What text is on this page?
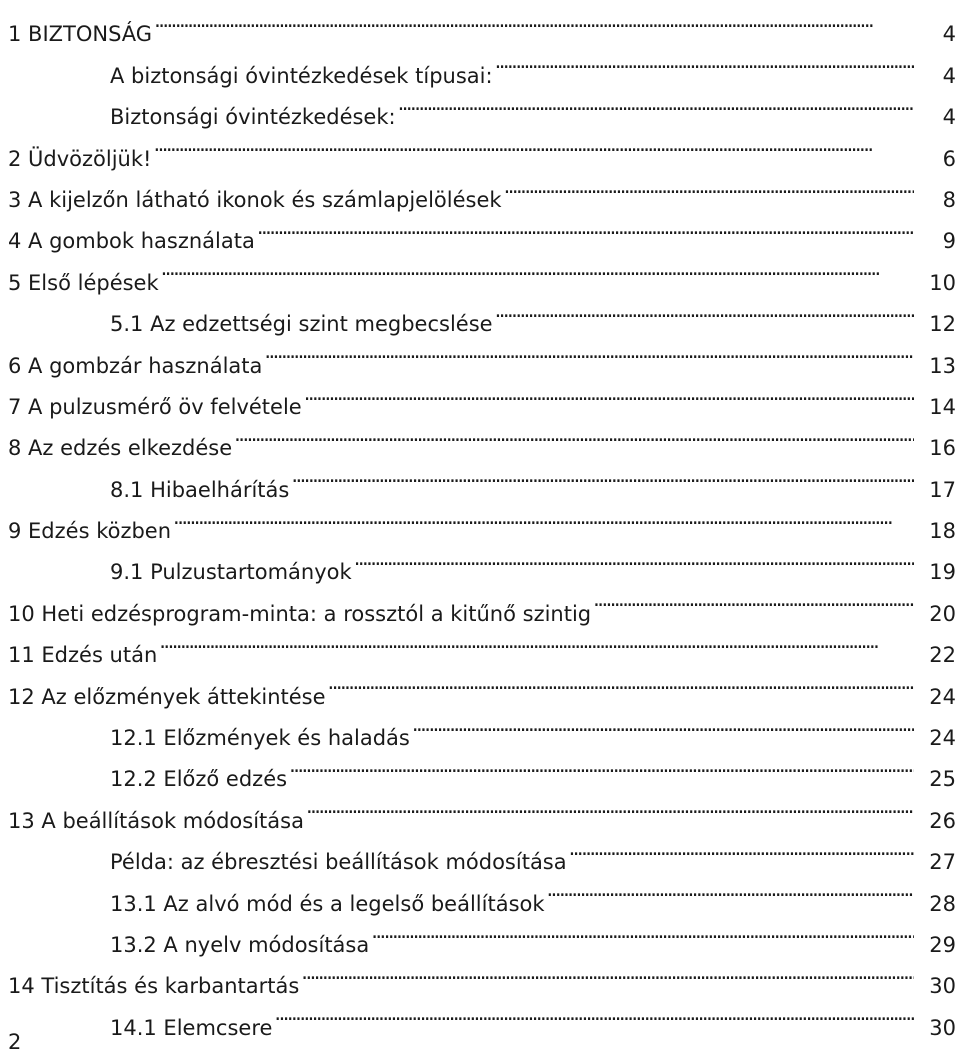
1 BIZTONSÁG . . .	4
A biztonsági óvintézkedések típusai: . . .	4
Biztonsági óvintézkedések: . . .	4
2 Üdvözöljük! . . .	6
3 A kijelzőn látható ikonok és számlapjelölések . . .	8
4 A gombok használata . . .	9
5 Első lépések . . .	10
5.1 Az edzettségi szint megbecslése . . .	12
6 A gombzár használata . . .	13
7 A pulzusmérő öv felvétele . . .	14
8 Az edzés elkezdése . . .	16
8.1 Hibaelhárítás . . .	17
9 Edzés közben . . .	18
9.1 Pulzustartományok . . .	19
10 Heti edzésprogram-minta: a rossztól a kitűnő szintig . . .	20
11 Edzés után . . .	22
12 Az előzmények áttekintése . . .	24
12.1 Előzmények és haladás . . .	24
12.2 Előző edzés . . .	25
13 A beállítások módosítása . . .	26
Példa: az ébresztési beállítások módosítása . . .	27
13.1 Az alvó mód és a legelső beállítások . . .	28
13.2 A nyelv módosítása . . .	29
14 Tisztítás és karbantartás . . .	30
14.1 Elemcsere . . .	30
2
